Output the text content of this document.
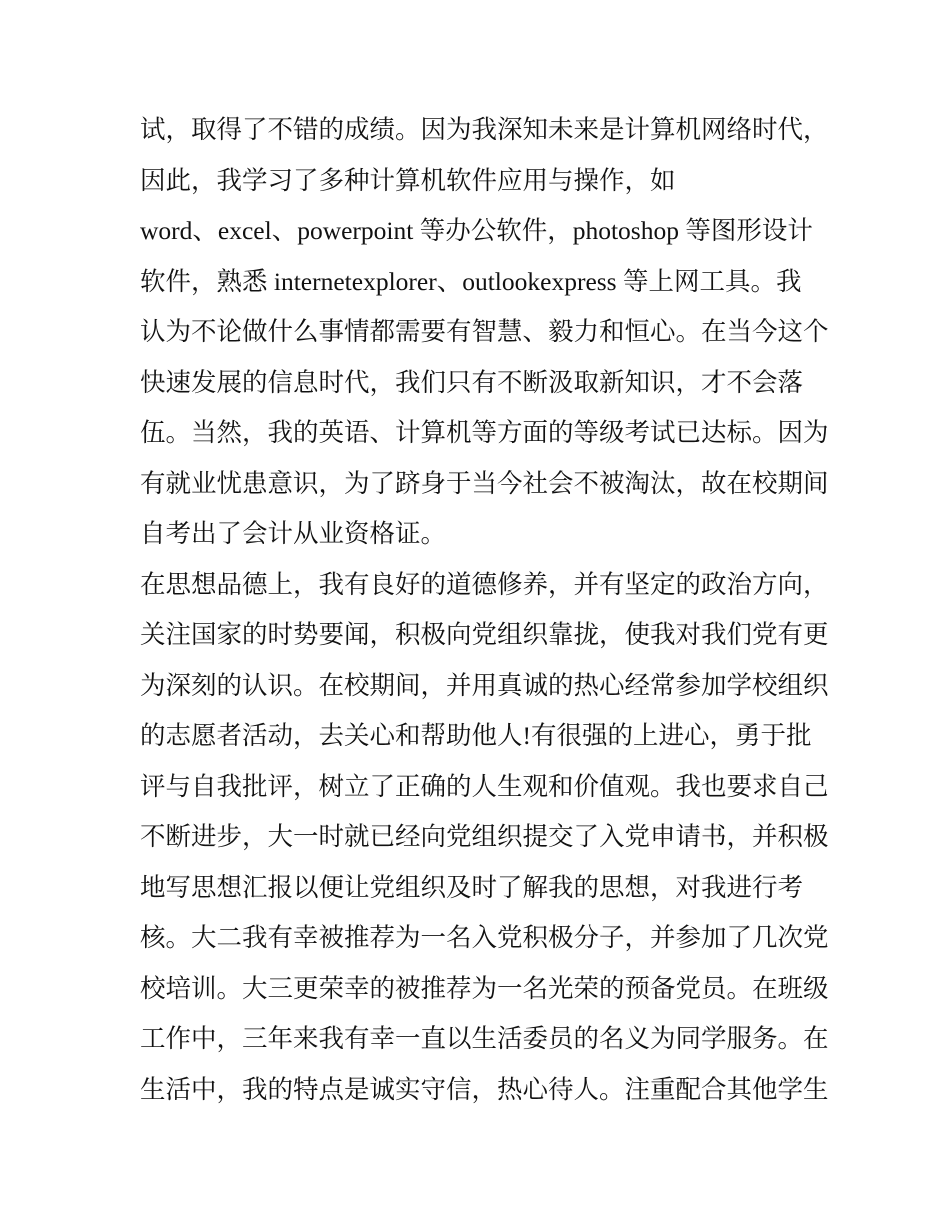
试，取得了不错的成绩。因为我深知未来是计算机网络时代，
因此，我学习了多种计算机软件应用与操作，如
word、excel、powerpoint 等办公软件，photoshop 等图形设计
软件，熟悉 internetexplorer、outlookexpress 等上网工具。我
认为不论做什么事情都需要有智慧、毅力和恒心。在当今这个
快速发展的信息时代，我们只有不断汲取新知识，才不会落
伍。当然，我的英语、计算机等方面的等级考试已达标。因为
有就业忧患意识，为了跻身于当今社会不被淘汰，故在校期间
自考出了会计从业资格证。
在思想品德上，我有良好的道德修养，并有坚定的政治方向，
关注国家的时势要闻，积极向党组织靠拢，使我对我们党有更
为深刻的认识。在校期间，并用真诚的热心经常参加学校组织
的志愿者活动，去关心和帮助他人!有很强的上进心，勇于批
评与自我批评，树立了正确的人生观和价值观。我也要求自己
不断进步，大一时就已经向党组织提交了入党申请书，并积极
地写思想汇报以便让党组织及时了解我的思想，对我进行考
核。大二我有幸被推荐为一名入党积极分子，并参加了几次党
校培训。大三更荣幸的被推荐为一名光荣的预备党员。在班级
工作中，三年来我有幸一直以生活委员的名义为同学服务。在
生活中，我的特点是诚实守信，热心待人。注重配合其他学生
